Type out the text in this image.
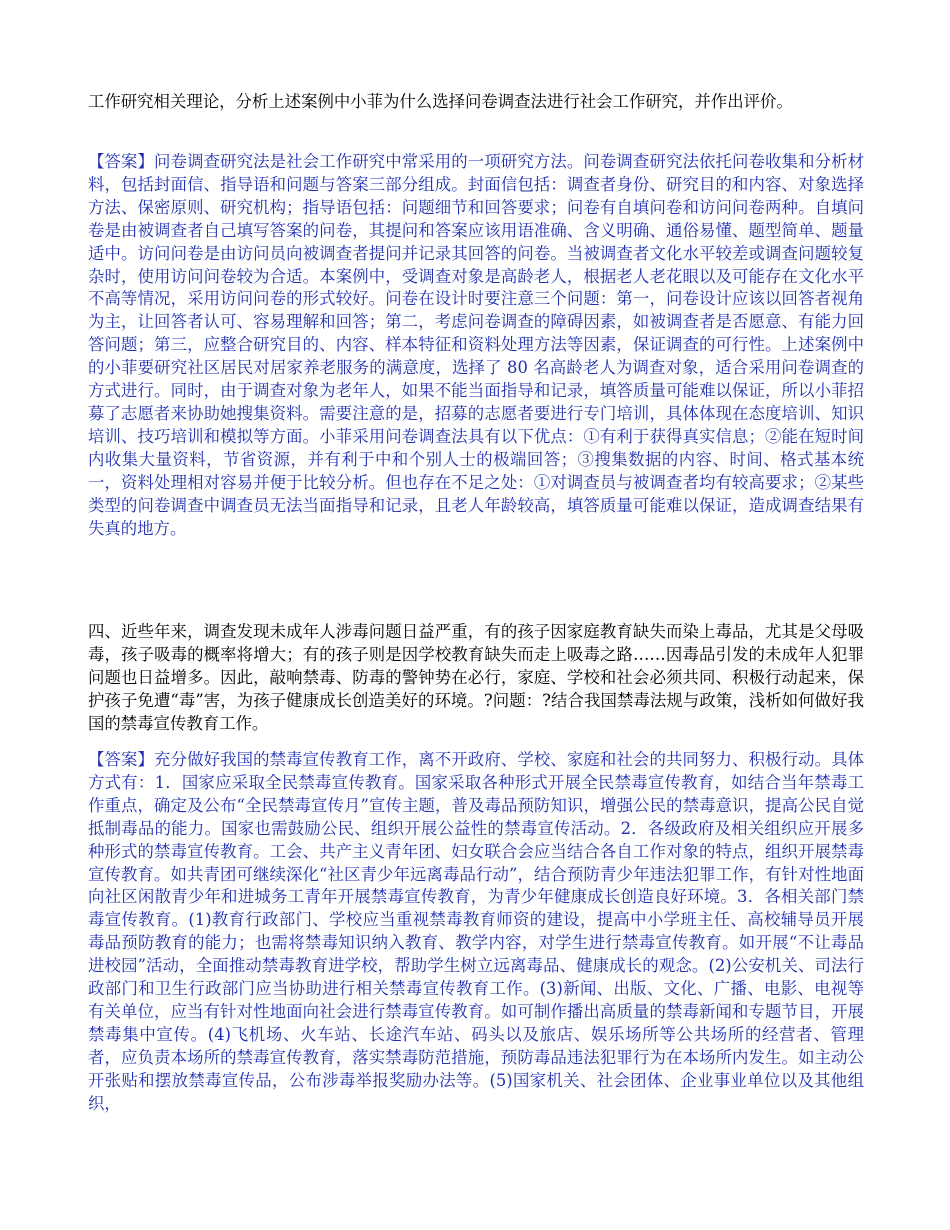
工作研究相关理论，分析上述案例中小菲为什么选择问卷调查法进行社会工作研究，并作出评价。

【答案】问卷调查研究法是社会工作研究中常采用的一项研究方法。问卷调查研究法依托问卷收集和分析材料，包括封面信、指导语和问题与答案三部分组成。封面信包括：调查者身份、研究目的和内容、对象选择方法、保密原则、研究机构；指导语包括：问题细节和回答要求；问卷有自填问卷和访问问卷两种。自填问卷是由被调查者自己填写答案的问卷，其提问和答案应该用语准确、含义明确、通俗易懂、题型简单、题量适中。访问问卷是由访问员向被调查者提问并记录其回答的问卷。当被调查者文化水平较差或调查问题较复杂时，使用访问问卷较为合适。本案例中，受调查对象是高龄老人，根据老人老花眼以及可能存在文化水平不高等情况，采用访问问卷的形式较好。问卷在设计时要注意三个问题：第一，问卷设计应该以回答者视角为主，让回答者认可、容易理解和回答；第二，考虑问卷调查的障碍因素，如被调查者是否愿意、有能力回答问题；第三，应整合研究目的、内容、样本特征和资料处理方法等因素，保证调查的可行性。上述案例中的小菲要研究社区居民对居家养老服务的满意度，选择了 80 名高龄老人为调查对象，适合采用问卷调查的方式进行。同时，由于调查对象为老年人，如果不能当面指导和记录，填答质量可能难以保证，所以小菲招募了志愿者来协助她搜集资料。需要注意的是，招募的志愿者要进行专门培训，具体体现在态度培训、知识培训、技巧培训和模拟等方面。小菲采用问卷调查法具有以下优点：①有利于获得真实信息；②能在短时间内收集大量资料，节省资源，并有利于中和个别人士的极端回答；③搜集数据的内容、时间、格式基本统一，资料处理相对容易并便于比较分析。但也存在不足之处：①对调查员与被调查者均有较高要求；②某些类型的问卷调查中调查员无法当面指导和记录，且老人年龄较高，填答质量可能难以保证，造成调查结果有失真的地方。

四、近些年来，调查发现未成年人涉毒问题日益严重，有的孩子因家庭教育缺失而染上毒品，尤其是父母吸毒，孩子吸毒的概率将增大；有的孩子则是因学校教育缺失而走上吸毒之路……因毒品引发的未成年人犯罪问题也日益增多。因此，敲响禁毒、防毒的警钟势在必行，家庭、学校和社会必须共同、积极行动起来，保护孩子免遭“毒”害，为孩子健康成长创造美好的环境。?问题：?结合我国禁毒法规与政策，浅析如何做好我国的禁毒宣传教育工作。

【答案】充分做好我国的禁毒宣传教育工作，离不开政府、学校、家庭和社会的共同努力、积极行动。具体方式有：1．国家应采取全民禁毒宣传教育。国家采取各种形式开展全民禁毒宣传教育，如结合当年禁毒工作重点，确定及公布“全民禁毒宣传月”宣传主题，普及毒品预防知识，增强公民的禁毒意识，提高公民自觉抵制毒品的能力。国家也需鼓励公民、组织开展公益性的禁毒宣传活动。2．各级政府及相关组织应开展多种形式的禁毒宣传教育。工会、共产主义青年团、妇女联合会应当结合各自工作对象的特点，组织开展禁毒宣传教育。如共青团可继续深化“社区青少年远离毒品行动”，结合预防青少年违法犯罪工作，有针对性地面向社区闲散青少年和进城务工青年开展禁毒宣传教育，为青少年健康成长创造良好环境。3．各相关部门禁毒宣传教育。(1)教育行政部门、学校应当重视禁毒教育师资的建设，提高中小学班主任、高校辅导员开展毒品预防教育的能力；也需将禁毒知识纳入教育、教学内容，对学生进行禁毒宣传教育。如开展“不让毒品进校园”活动，全面推动禁毒教育进学校，帮助学生树立远离毒品、健康成长的观念。(2)公安机关、司法行政部门和卫生行政部门应当协助进行相关禁毒宣传教育工作。(3)新闻、出版、文化、广播、电影、电视等有关单位，应当有针对性地面向社会进行禁毒宣传教育。如可制作播出高质量的禁毒新闻和专题节目，开展禁毒集中宣传。(4)飞机场、火车站、长途汽车站、码头以及旅店、娱乐场所等公共场所的经营者、管理者，应负责本场所的禁毒宣传教育，落实禁毒防范措施，预防毒品违法犯罪行为在本场所内发生。如主动公开张贴和摆放禁毒宣传品，公布涉毒举报奖励办法等。(5)国家机关、社会团体、企业事业单位以及其他组织，
